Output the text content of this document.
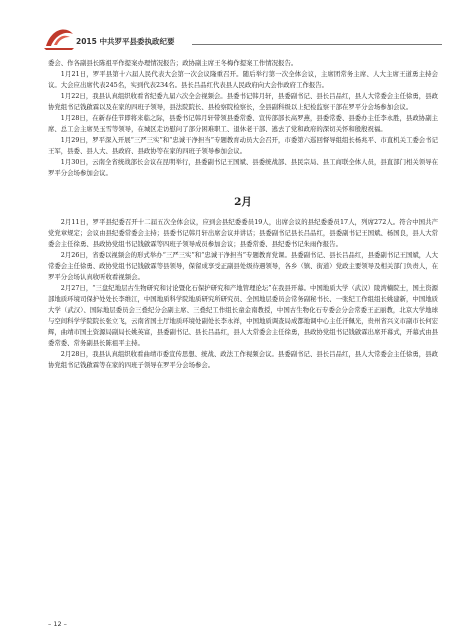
2015 中共罗平县委执政纪要

委会、作各副县长陈祖平作提案办理情况报告；政协副主席王冬梅作提案工作情况报告。

1月21日，罗平县第十六届人民代表大会第一次会议隆重召开。随后举行第一次全体会议，主席团常务主席、人大主席王道勇主持会议。大会应出席代表245名，实到代表234名。县长吕品红代表县人民政府向大会作政府工作报告。

1月22日，我县认真组织收看省纪委九届六次全会视频会。县委书记韩月轩，县委副书记、县长吕品红，县人大常委会主任徐勇，县政协党组书记钱啟霖以及在家的四班子领导，县法院院长、县检察院检察长，全县副科级以上纪检监察干部在罗平分会场参加会议。

1月28日，在新春佳节即将来临之际，县委书记韩月轩带领县委常委、宣传部部长高罗燕，县委常委、县委办主任李永胜，县政协副主席、总工会主席吴玉雪等领导，在城区走访慰问了部分困难职工、退休老干部、逃去了党和政府的深切关怀和殷殷祝福。

1月29日，罗平深入开展“三严三实”和“忠诚干净担当”专题教育动员大会召开，市委第六巡回督导组组长杨兆平、市直机关工委会书记王军，县委、县人大、县政府、县政协等在家的四班子领导参加会议。

1月30日，云南全省统战部长会议在昆明举行，县委副书记王国斌、县委统战部、县民宗局、县工商联全体人员，县直部门相关领导在罗平分会场参加会议。

2月

2月11日，罗平县纪委召开十二届五次全体会议，应到会县纪委委员19人，出席会议的县纪委委员17人，列席272人。符合中国共产党党章规定；会议由县纪委常委会主持；县委书记韩月轩出席会议并讲话；县委副书记县长吕品红，县委副书记王国斌、杨国良，县人大常委会主任徐勇、县政协党组书记钱啟霖等四班子领导成员参加会议；县委常委、县纪委书记朱雨作报告。

2月26日，省委以视频会的形式举办“三严三实”和“忠诚干净担当”专题教育党课。县委副书记、县长吕品红，县委副书记王国斌，人大常委会主任徐勇、政协党组书记钱啟霖等县领导，保留成享受正副县处级待遇领导，各乡（镇、街道）党政主要领导及相关部门负责人，在罗平分会场认真收听收看视频会。

2月27日，“三盘纪地层古生物研究和讨论暨化石保护研究和产地管理论坛”在我县开幕。中国地质大学（武汉）陵湾楠院士，国土资源部地质环境司保护处处长李维江，中国地质科学院地质研究所研究员、全国地层委员会常务副秘书长、一张纪工作组组长姚建新，中国地质大学（武汉）、国际地层委员会三叠纪分会副主席、三叠纪工作组长童金南教授，中国古生物化石专委会分会常委王正丽教，北京大学地球与空间科学学院院长张立飞，云南省国土厅地质环境处副处长李永祥，中国地质调查局成都地调中心主任汗佩光，贵州省兴义市副市长何宏辉，曲靖市国土资源局副局长姚英富，县委副书记、县长吕品红，县人大常委会主任徐勇，县政协党组书记钱啟霖出席开幕式，开幕式由县委常委、常务副县长陈祖平主持。

2月28日，我县认真组织收看曲靖市委宣传思想、统战、政法工作视频会议。县委副书记、县长吕品红，县人大常委会主任徐勇，县政协党组书记钱啟霖等在家的四班子领导在罗平分会场参会。

– 12 –
